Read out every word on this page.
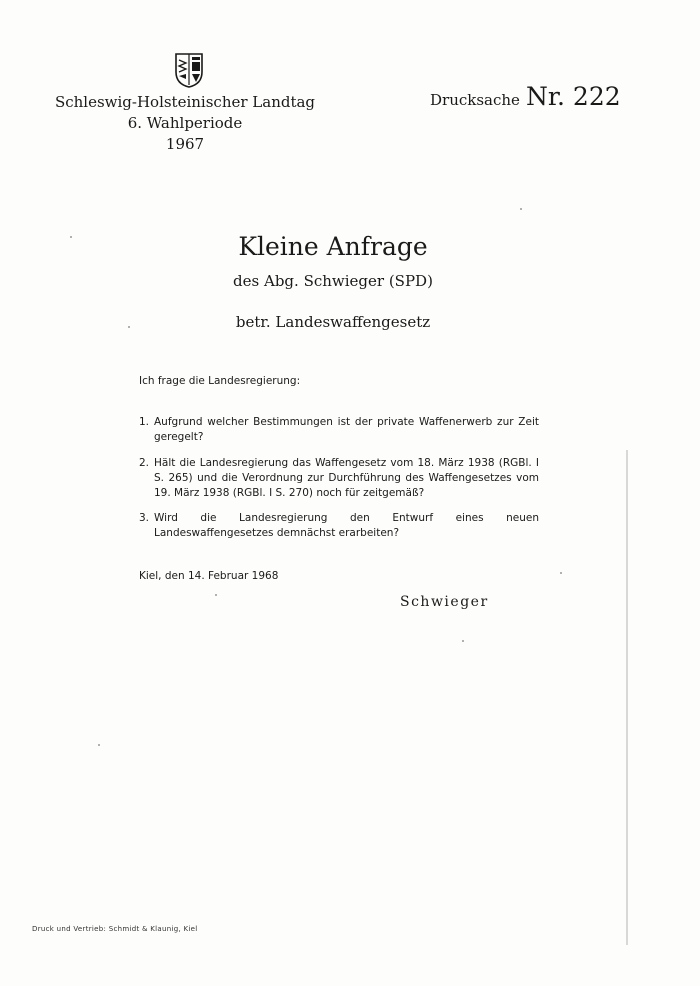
Schleswig-Holsteinischer Landtag
6. Wahlperiode
1967
Drucksache Nr. 222
Kleine Anfrage
des Abg. Schwieger (SPD)
betr. Landeswaffengesetz
Ich frage die Landesregierung:
1. Aufgrund welcher Bestimmungen ist der private Waffenerwerb zur Zeit geregelt?
2. Hält die Landesregierung das Waffengesetz vom 18. März 1938 (RGBl. I S. 265) und die Verordnung zur Durchführung des Waffengesetzes vom 19. März 1938 (RGBl. I S. 270) noch für zeitgemäß?
3. Wird die Landesregierung den Entwurf eines neuen Landeswaffengesetzes demnächst erarbeiten?
Kiel, den 14. Februar 1968
Schwieger
Druck und Vertrieb: Schmidt & Klaunig, Kiel
